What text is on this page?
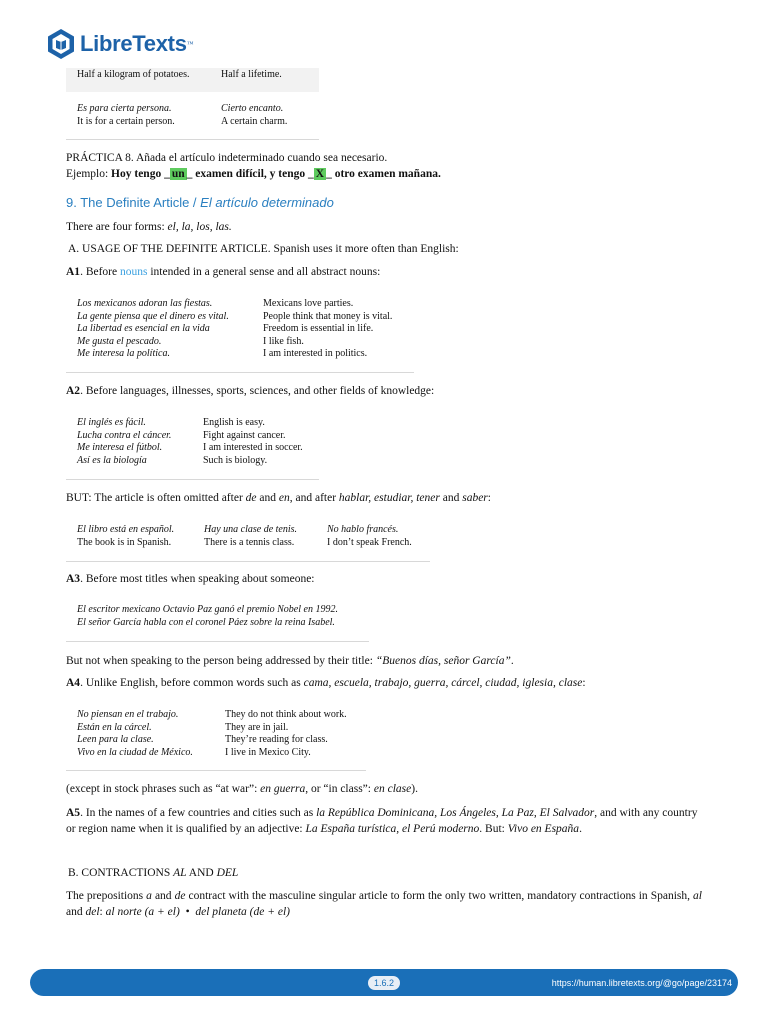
LibreTexts ™
Half a kilogram of potatoes.	Half a lifetime.
Es para cierta persona.	Cierto encanto.
It is for a certain person.	A certain charm.
PRÁCTICA 8. Añada el artículo indeterminado cuando sea necesario.
Ejemplo: Hoy tengo _ un _ examen difícil, y tengo _ X _ otro examen mañana.
9. The Definite Article / El artículo determinado
There are four forms: el, la, los, las.
A. USAGE OF THE DEFINITE ARTICLE. Spanish uses it more often than English:
A1. Before nouns intended in a general sense and all abstract nouns:
Los mexicanos adoran las fiestas.	Mexicans love parties.
La gente piensa que el dinero es vital.	People think that money is vital.
La libertad es esencial en la vida	Freedom is essential in life.
Me gusta el pescado.	I like fish.
Me interesa la política.	I am interested in politics.
A2. Before languages, illnesses, sports, sciences, and other fields of knowledge:
El inglés es fácil.	English is easy.
Lucha contra el cáncer.	Fight against cancer.
Me interesa el fútbol.	I am interested in soccer.
Así es la biología	Such is biology.
BUT: The article is often omitted after de and en, and after hablar, estudiar, tener and saber:
El libro está en español.	Hay una clase de tenis.	No hablo francés.
The book is in Spanish.	There is a tennis class.	I don’t speak French.
A3. Before most titles when speaking about someone:
El escritor mexicano Octavio Paz ganó el premio Nobel en 1992.
El señor García habla con el coronel Páez sobre la reina Isabel.
But not when speaking to the person being addressed by their title: “Buenos días, señor García”.
A4. Unlike English, before common words such as cama, escuela, trabajo, guerra, cárcel, ciudad, iglesia, clase:
No piensan en el trabajo.	They do not think about work.
Están en la cárcel.	They are in jail.
Leen para la clase.	They’re reading for class.
Vivo en la ciudad de México.	I live in Mexico City.
(except in stock phrases such as “at war”: en guerra, or “in class”: en clase).
A5. In the names of a few countries and cities such as la República Dominicana, Los Ángeles, La Paz, El Salvador, and with any country or region name when it is qualified by an adjective: La España turística, el Perú moderno. But: Vivo en España.
B. CONTRACTIONS AL AND DEL
The prepositions a and de contract with the masculine singular article to form the only two written, mandatory contractions in Spanish, al and del: al norte (a + el)  •  del planeta (de + el)
1.6.2	https://human.libretexts.org/@go/page/23174
